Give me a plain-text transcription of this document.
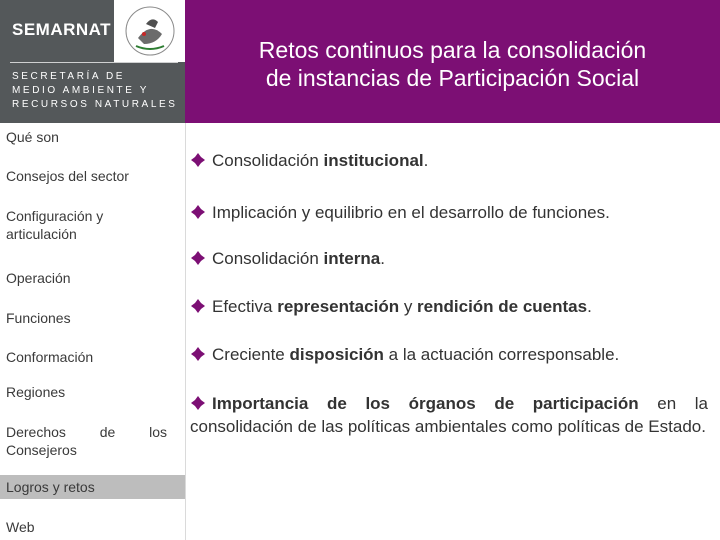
SEMARNAT
SECRETARÍA DE
MEDIO AMBIENTE Y
RECURSOS NATURALES
Retos continuos para la consolidación
de instancias de Participación Social
Qué son
Consejos del sector
Configuración y articulación
Operación
Funciones
Conformación
Regiones
Derechos de los
Consejeros
Logros y retos
Web
Consolidación institucional.
Implicación y equilibrio en el desarrollo de funciones.
Consolidación interna.
Efectiva representación y rendición de cuentas.
Creciente disposición a la actuación corresponsable.
Importancia de los órganos de participación en la consolidación de las políticas ambientales como políticas de Estado.
